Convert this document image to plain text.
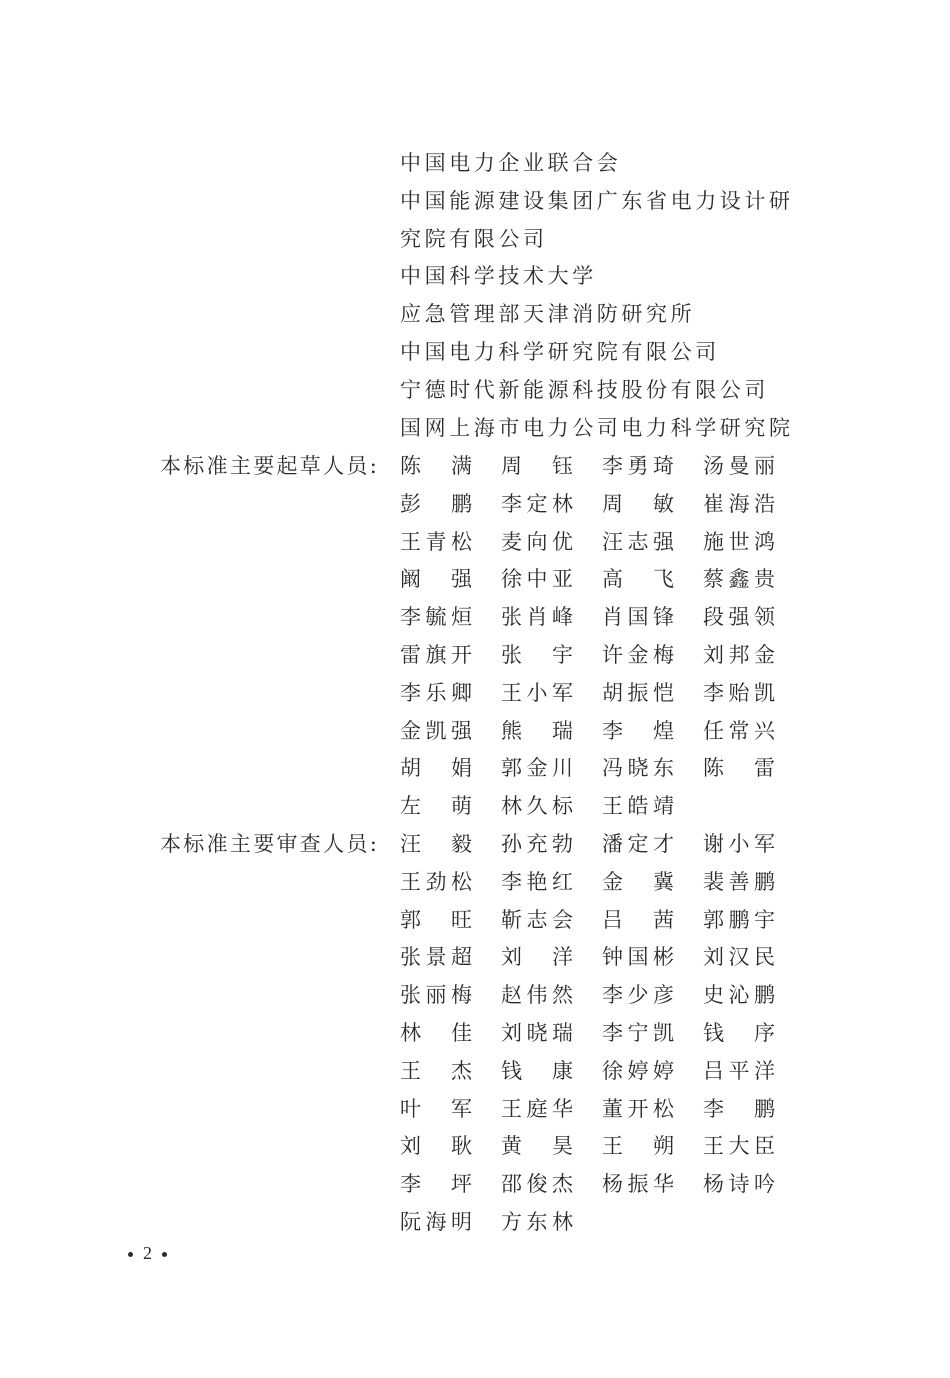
中国电力企业联合会
中国能源建设集团广东省电力设计研
究院有限公司
中国科学技术大学
应急管理部天津消防研究所
中国电力科学研究院有限公司
宁德时代新能源科技股份有限公司
国网上海市电力公司电力科学研究院
本标准主要起草人员: 陈 满 周 钰 李 勇 琦 汤 曼 丽
彭 鹏 李 定 林 周 敏 崔 海 浩
王 青 松 麦 向 优 汪 志 强 施 世 鸿
阚 强 徐 中 亚 高 飞 蔡 鑫 贵
李 毓 烜 张 肖 峰 肖 国 锋 段 强 领
雷 旗 开 张 宇 许 金 梅 刘 邦 金
李 乐 卿 王 小 军 胡 振 恺 李 贻 凯
金 凯 强 熊 瑞 李 煌 任 常 兴
胡 娟 郭 金 川 冯 晓 东 陈 雷
左 萌 林 久 标 王 皓 靖
本标准主要审查人员: 汪 毅 孙 充 勃 潘 定 才 谢 小 军
王 劲 松 李 艳 红 金 冀 裴 善 鹏
郭 旺 靳 志 会 吕 茜 郭 鹏 宇
张 景 超 刘 洋 钟 国 彬 刘 汉 民
张 丽 梅 赵 伟 然 李 少 彦 史 沁 鹏
林 佳 刘 晓 瑞 李 宁 凯 钱 序
王 杰 钱 康 徐 婷 婷 吕 平 洋
叶 军 王 庭 华 董 开 松 李 鹏
刘 耿 黄 昊 王 朔 王 大 臣
李 坪 邵 俊 杰 杨 振 华 杨 诗 吟
阮 海 明 方 东 林
2
